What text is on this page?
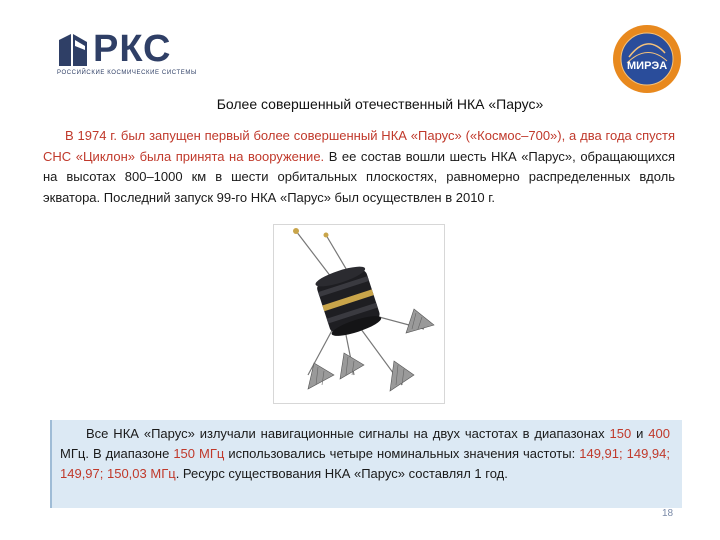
РКС
РОССИЙСКИЕ КОСМИЧЕСКИЕ СИСТЕМЫ
МИРЭА
Более совершенный отечественный НКА «Парус»
В 1974 г. был запущен первый более совершенный НКА «Парус» («Космос–700»), а два года спустя СНС «Циклон» была принята на вооружение. В ее состав вошли шесть НКА «Парус», обращающихся на высотах 800–1000 км в шести орбитальных плоскостях, равномерно распределенных вдоль экватора. Последний запуск 99-го НКА «Парус» был осуществлен в 2010 г.
Все НКА «Парус» излучали навигационные сигналы на двух частотах в диапазонах 150 и 400 МГц. В диапазоне 150 МГц использовались четыре номинальных значения частоты: 149,91; 149,94; 149,97; 150,03 МГц. Ресурс существования НКА «Парус» составлял 1 год.
18
